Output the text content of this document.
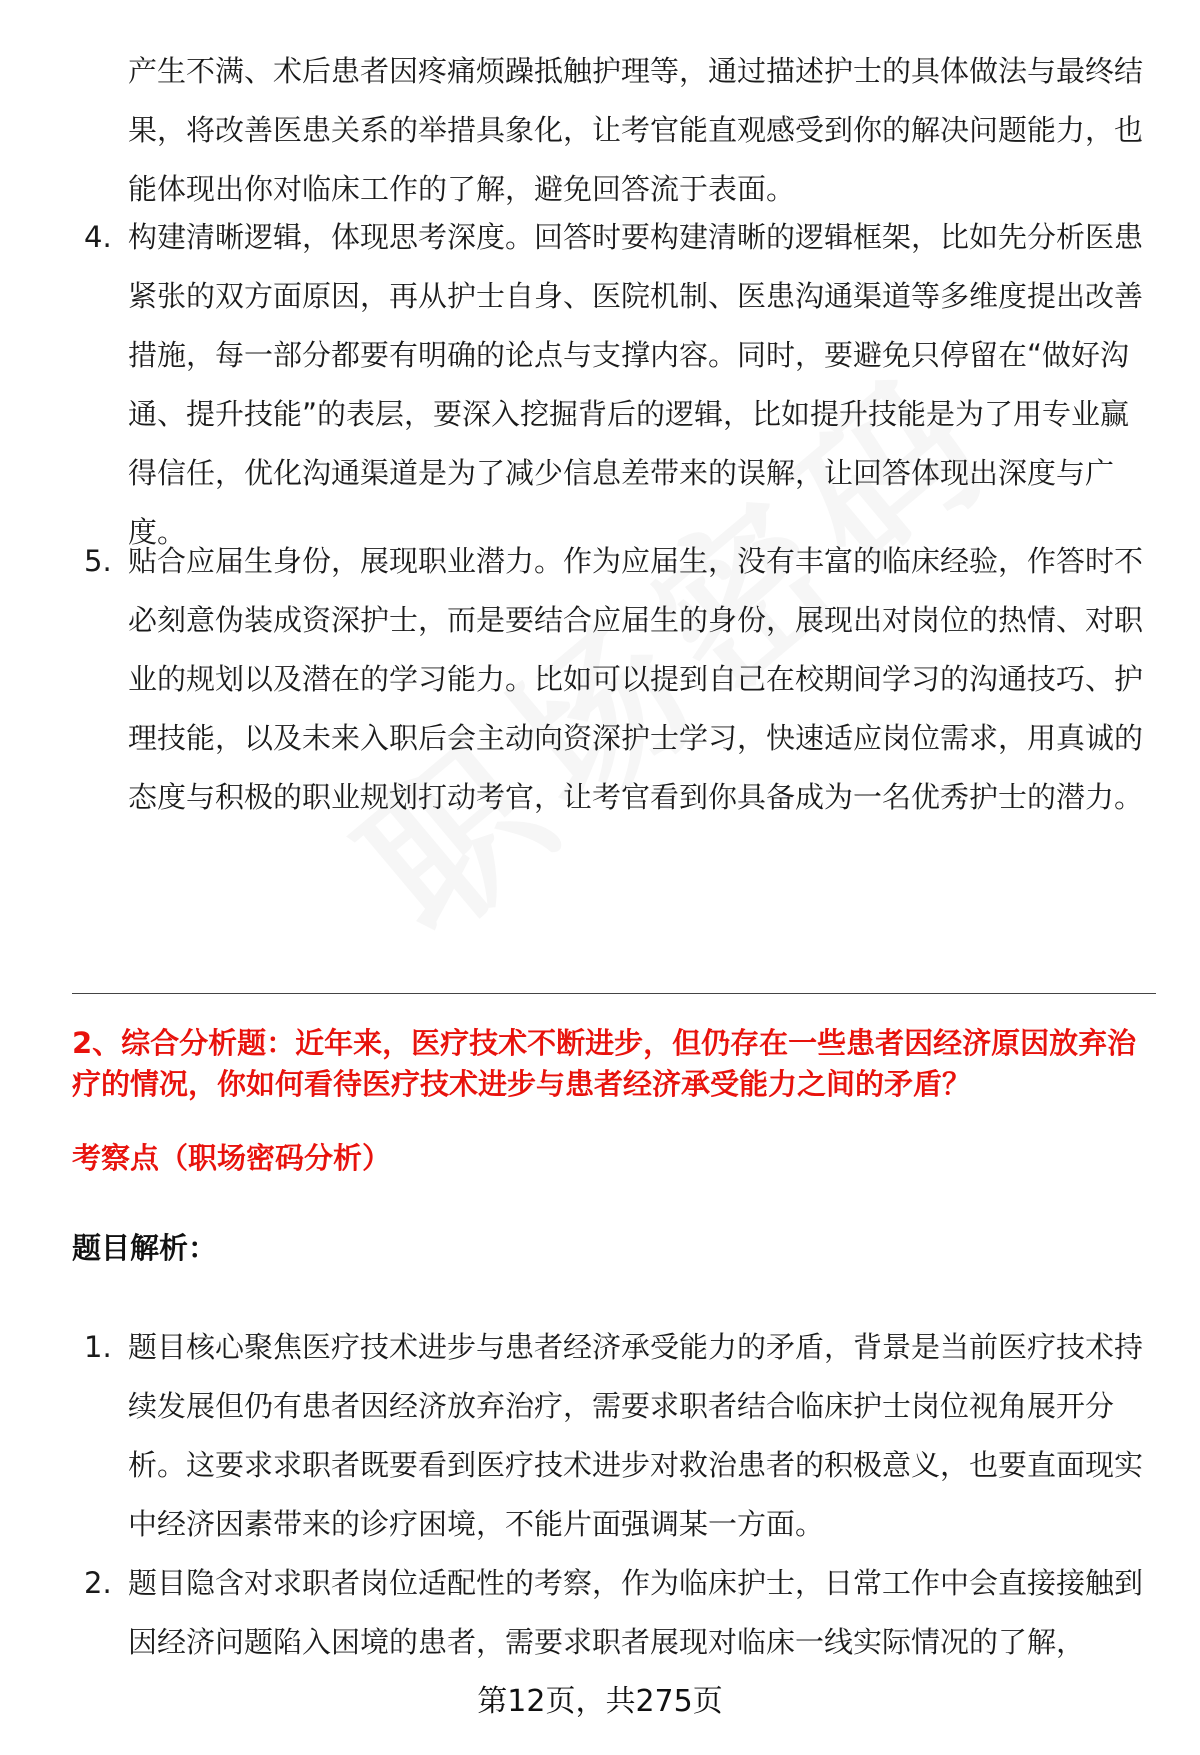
产生不满、术后患者因疼痛烦躁抵触护理等，通过描述护士的具体做法与最终结果，将改善医患关系的举措具象化，让考官能直观感受到你的解决问题能力，也能体现出你对临床工作的了解，避免回答流于表面。

4. 构建清晰逻辑，体现思考深度。回答时要构建清晰的逻辑框架，比如先分析医患紧张的双方面原因，再从护士自身、医院机制、医患沟通渠道等多维度提出改善措施，每一部分都要有明确的论点与支撑内容。同时，要避免只停留在“做好沟通、提升技能”的表层，要深入挖掘背后的逻辑，比如提升技能是为了用专业赢得信任，优化沟通渠道是为了减少信息差带来的误解，让回答体现出深度与广度。
5. 贴合应届生身份，展现职业潜力。作为应届生，没有丰富的临床经验，作答时不必刻意伪装成资深护士，而是要结合应届生的身份，展现出对岗位的热情、对职业的规划以及潜在的学习能力。比如可以提到自己在校期间学习的沟通技巧、护理技能，以及未来入职后会主动向资深护士学习，快速适应岗位需求，用真诚的态度与积极的职业规划打动考官，让考官看到你具备成为一名优秀护士的潜力。
2、综合分析题：近年来，医疗技术不断进步，但仍存在一些患者因经济原因放弃治疗的情况，你如何看待医疗技术进步与患者经济承受能力之间的矛盾？
考察点（职场密码分析）
题目解析：
1. 题目核心聚焦医疗技术进步与患者经济承受能力的矛盾，背景是当前医疗技术持续发展但仍有患者因经济放弃治疗，需要求职者结合临床护士岗位视角展开分析。这要求求职者既要看到医疗技术进步对救治患者的积极意义，也要直面现实中经济因素带来的诊疗困境，不能片面强调某一方面。
2. 题目隐含对求职者岗位适配性的考察，作为临床护士，日常工作中会直接接触到因经济问题陷入困境的患者，需要求职者展现对临床一线实际情况的了解，
第12页，共275页
